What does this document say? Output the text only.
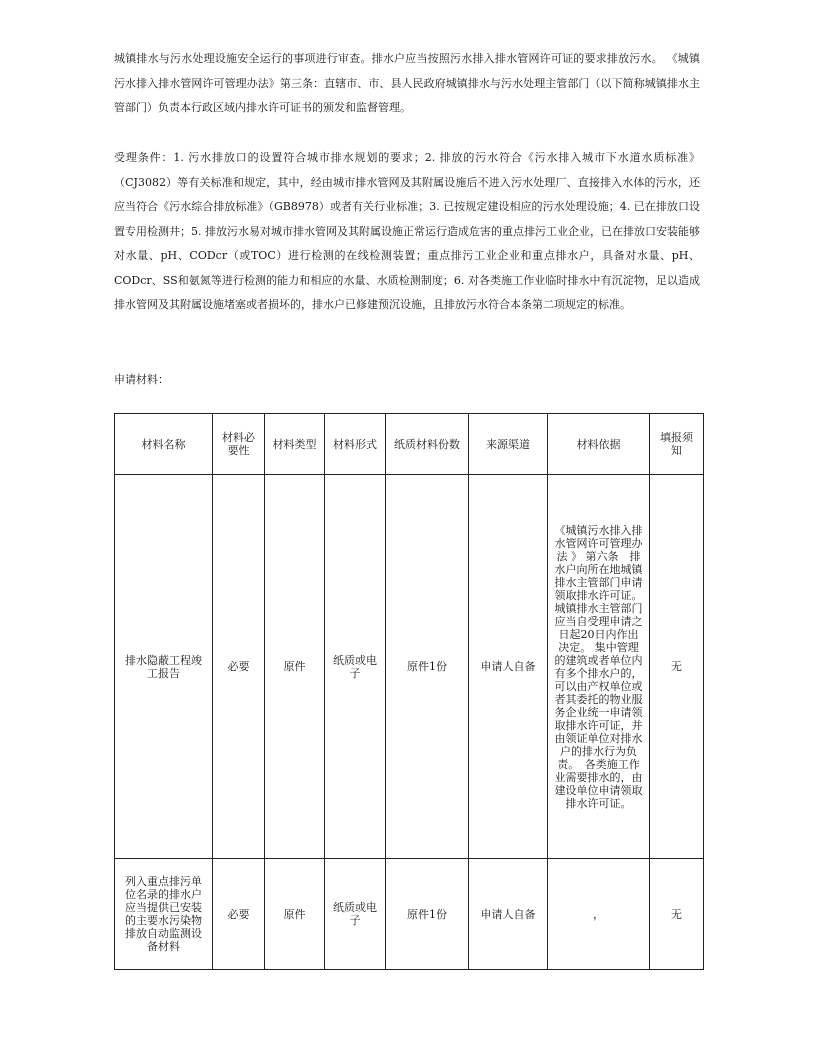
城镇排水与污水处理设施安全运行的事项进行审查。排水户应当按照污水排入排水管网许可证的要求排放污水。 《城镇污水排入排水管网许可管理办法》第三条：直辖市、市、县人民政府城镇排水与污水处理主管部门（以下简称城镇排水主管部门）负责本行政区域内排水许可证书的颁发和监督管理。

受理条件：1. 污水排放口的设置符合城市排水规划的要求；2. 排放的污水符合《污水排入城市下水道水质标准》（CJ3082）等有关标准和规定，其中，经由城市排水管网及其附属设施后不进入污水处理厂、直接排入水体的污水，还应当符合《污水综合排放标准》（GB8978）或者有关行业标准；3. 已按规定建设相应的污水处理设施；4. 已在排放口设置专用检测井；5. 排放污水易对城市排水管网及其附属设施正常运行造成危害的重点排污工业企业，已在排放口安装能够对水量、pH、CODcr（或TOC）进行检测的在线检测装置；重点排污工业企业和重点排水户，具备对水量、pH、CODcr、SS和氨氮等进行检测的能力和相应的水量、水质检测制度；6. 对各类施工作业临时排水中有沉淀物，足以造成排水管网及其附属设施堵塞或者损坏的，排水户已修建预沉设施，且排放污水符合本条第二项规定的标准。

申请材料：

材料名称	材料必要性	材料类型	材料形式	纸质材料份数	来源渠道	材料依据	填报须知
排水隐蔽工程竣工报告	必要	原件	纸质或电子	原件1份	申请人自备	《城镇污水排入排水管网许可管理办法 》 第六条　排水户向所在地城镇排水主管部门申请领取排水许可证。城镇排水主管部门应当自受理申请之日起20日内作出决定。 集中管理的建筑或者单位内有多个排水户的，可以由产权单位或者其委托的物业服务企业统一申请领取排水许可证，并由领证单位对排水户的排水行为负责。　各类施工作业需要排水的，由建设单位申请领取排水许可证。	无
列入重点排污单位名录的排水户应当提供已安装的主要水污染物排放自动监测设备材料	必要	原件	纸质或电子	原件1份	申请人自备	，	无
